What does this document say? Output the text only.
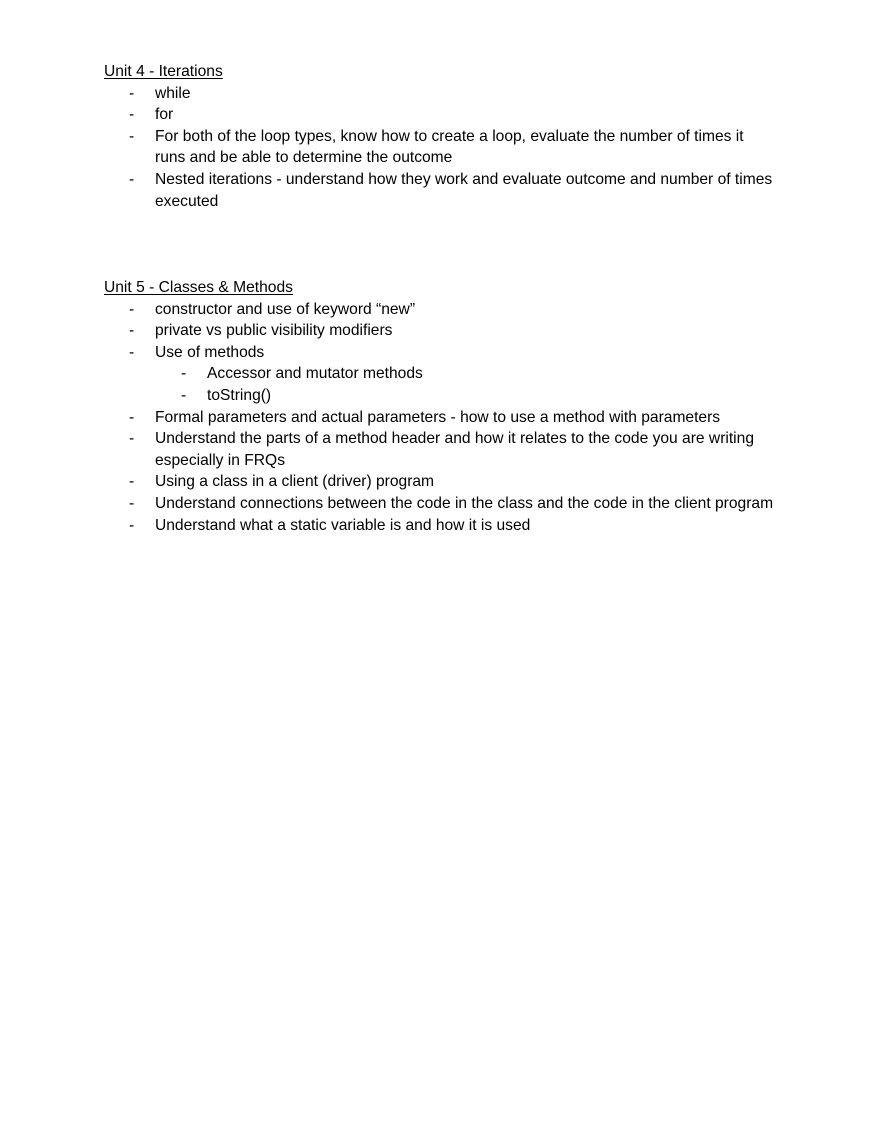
Unit 4 - Iterations

- while
- for
- For both of the loop types, know how to create a loop, evaluate the number of times it runs and be able to determine the outcome
- Nested iterations - understand how they work and evaluate outcome and number of times executed

Unit 5 - Classes & Methods

- constructor and use of keyword “new”
- private vs public visibility modifiers
- Use of methods
- Accessor and mutator methods
- toString()
- Formal parameters and actual parameters - how to use a method with parameters
- Understand the parts of a method header and how it relates to the code you are writing especially in FRQs
- Using a class in a client (driver) program
- Understand connections between the code in the class and the code in the client program
- Understand what a static variable is and how it is used
